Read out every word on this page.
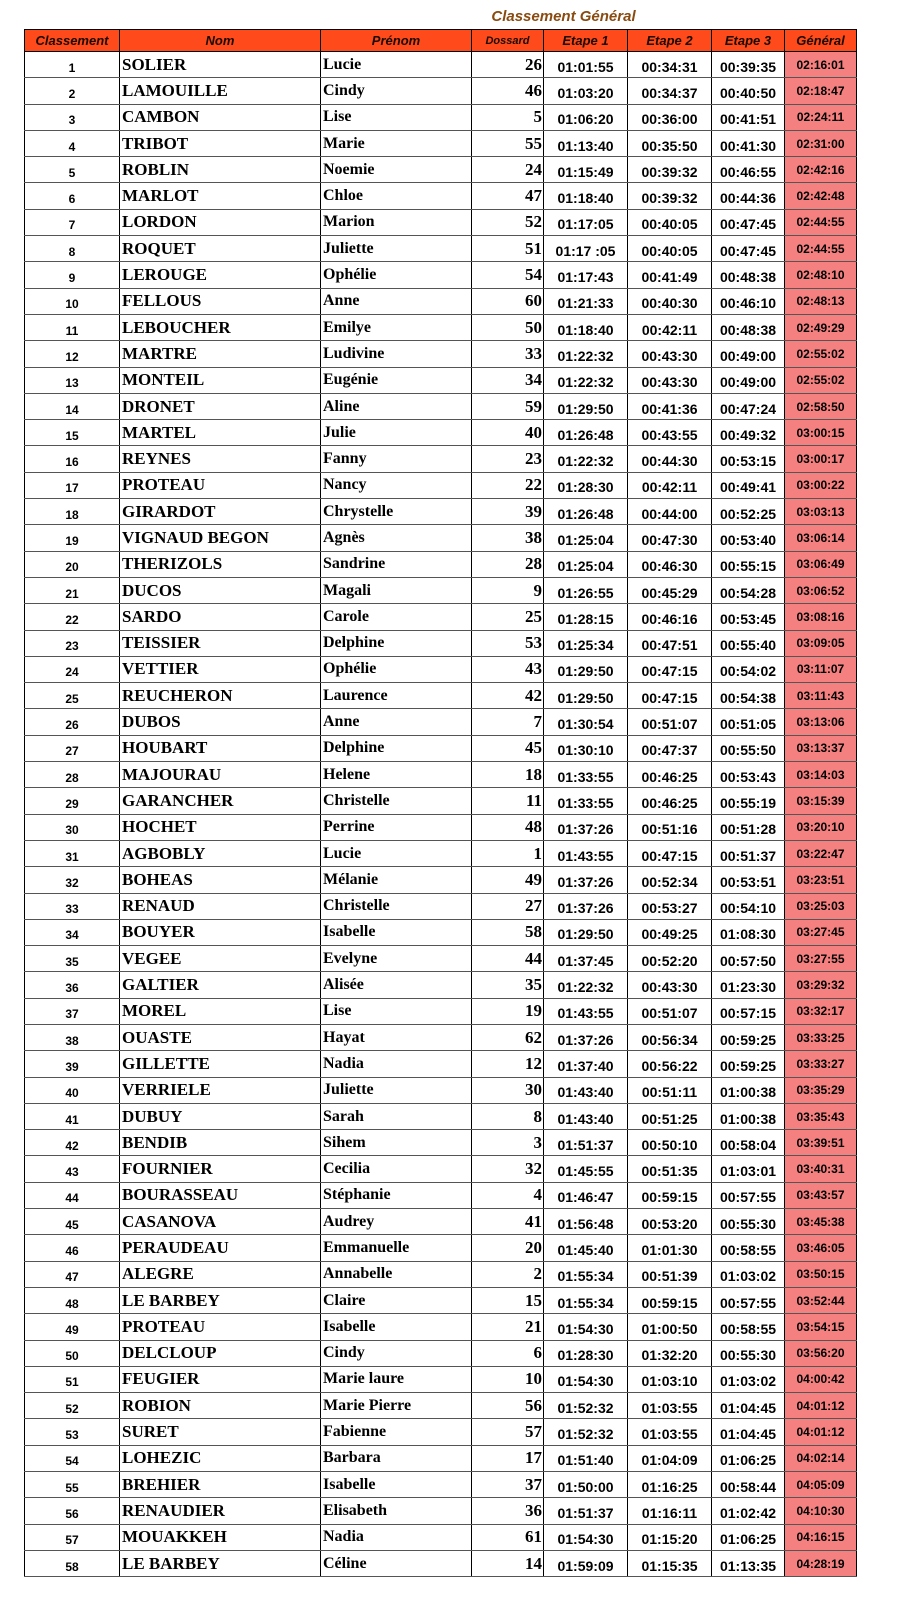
Classement Général
Classement	Nom	Prénom	Dossard	Etape 1	Etape 2	Etape 3	Général
1	SOLIER	Lucie	26	01:01:55	00:34:31	00:39:35	02:16:01
2	LAMOUILLE	Cindy	46	01:03:20	00:34:37	00:40:50	02:18:47
3	CAMBON	Lise	5	01:06:20	00:36:00	00:41:51	02:24:11
4	TRIBOT	Marie	55	01:13:40	00:35:50	00:41:30	02:31:00
5	ROBLIN	Noemie	24	01:15:49	00:39:32	00:46:55	02:42:16
6	MARLOT	Chloe	47	01:18:40	00:39:32	00:44:36	02:42:48
7	LORDON	Marion	52	01:17:05	00:40:05	00:47:45	02:44:55
8	ROQUET	Juliette	51	01:17 :05	00:40:05	00:47:45	02:44:55
9	LEROUGE	Ophélie	54	01:17:43	00:41:49	00:48:38	02:48:10
10	FELLOUS	Anne	60	01:21:33	00:40:30	00:46:10	02:48:13
11	LEBOUCHER	Emilye	50	01:18:40	00:42:11	00:48:38	02:49:29
12	MARTRE	Ludivine	33	01:22:32	00:43:30	00:49:00	02:55:02
13	MONTEIL	Eugénie	34	01:22:32	00:43:30	00:49:00	02:55:02
14	DRONET	Aline	59	01:29:50	00:41:36	00:47:24	02:58:50
15	MARTEL	Julie	40	01:26:48	00:43:55	00:49:32	03:00:15
16	REYNES	Fanny	23	01:22:32	00:44:30	00:53:15	03:00:17
17	PROTEAU	Nancy	22	01:28:30	00:42:11	00:49:41	03:00:22
18	GIRARDOT	Chrystelle	39	01:26:48	00:44:00	00:52:25	03:03:13
19	VIGNAUD BEGON	Agnès	38	01:25:04	00:47:30	00:53:40	03:06:14
20	THERIZOLS	Sandrine	28	01:25:04	00:46:30	00:55:15	03:06:49
21	DUCOS	Magali	9	01:26:55	00:45:29	00:54:28	03:06:52
22	SARDO	Carole	25	01:28:15	00:46:16	00:53:45	03:08:16
23	TEISSIER	Delphine	53	01:25:34	00:47:51	00:55:40	03:09:05
24	VETTIER	Ophélie	43	01:29:50	00:47:15	00:54:02	03:11:07
25	REUCHERON	Laurence	42	01:29:50	00:47:15	00:54:38	03:11:43
26	DUBOS	Anne	7	01:30:54	00:51:07	00:51:05	03:13:06
27	HOUBART	Delphine	45	01:30:10	00:47:37	00:55:50	03:13:37
28	MAJOURAU	Helene	18	01:33:55	00:46:25	00:53:43	03:14:03
29	GARANCHER	Christelle	11	01:33:55	00:46:25	00:55:19	03:15:39
30	HOCHET	Perrine	48	01:37:26	00:51:16	00:51:28	03:20:10
31	AGBOBLY	Lucie	1	01:43:55	00:47:15	00:51:37	03:22:47
32	BOHEAS	Mélanie	49	01:37:26	00:52:34	00:53:51	03:23:51
33	RENAUD	Christelle	27	01:37:26	00:53:27	00:54:10	03:25:03
34	BOUYER	Isabelle	58	01:29:50	00:49:25	01:08:30	03:27:45
35	VEGEE	Evelyne	44	01:37:45	00:52:20	00:57:50	03:27:55
36	GALTIER	Alisée	35	01:22:32	00:43:30	01:23:30	03:29:32
37	MOREL	Lise	19	01:43:55	00:51:07	00:57:15	03:32:17
38	OUASTE	Hayat	62	01:37:26	00:56:34	00:59:25	03:33:25
39	GILLETTE	Nadia	12	01:37:40	00:56:22	00:59:25	03:33:27
40	VERRIELE	Juliette	30	01:43:40	00:51:11	01:00:38	03:35:29
41	DUBUY	Sarah	8	01:43:40	00:51:25	01:00:38	03:35:43
42	BENDIB	Sihem	3	01:51:37	00:50:10	00:58:04	03:39:51
43	FOURNIER	Cecilia	32	01:45:55	00:51:35	01:03:01	03:40:31
44	BOURASSEAU	Stéphanie	4	01:46:47	00:59:15	00:57:55	03:43:57
45	CASANOVA	Audrey	41	01:56:48	00:53:20	00:55:30	03:45:38
46	PERAUDEAU	Emmanuelle	20	01:45:40	01:01:30	00:58:55	03:46:05
47	ALEGRE	Annabelle	2	01:55:34	00:51:39	01:03:02	03:50:15
48	LE BARBEY	Claire	15	01:55:34	00:59:15	00:57:55	03:52:44
49	PROTEAU	Isabelle	21	01:54:30	01:00:50	00:58:55	03:54:15
50	DELCLOUP	Cindy	6	01:28:30	01:32:20	00:55:30	03:56:20
51	FEUGIER	Marie laure	10	01:54:30	01:03:10	01:03:02	04:00:42
52	ROBION	Marie Pierre	56	01:52:32	01:03:55	01:04:45	04:01:12
53	SURET	Fabienne	57	01:52:32	01:03:55	01:04:45	04:01:12
54	LOHEZIC	Barbara	17	01:51:40	01:04:09	01:06:25	04:02:14
55	BREHIER	Isabelle	37	01:50:00	01:16:25	00:58:44	04:05:09
56	RENAUDIER	Elisabeth	36	01:51:37	01:16:11	01:02:42	04:10:30
57	MOUAKKEH	Nadia	61	01:54:30	01:15:20	01:06:25	04:16:15
58	LE BARBEY	Céline	14	01:59:09	01:15:35	01:13:35	04:28:19
